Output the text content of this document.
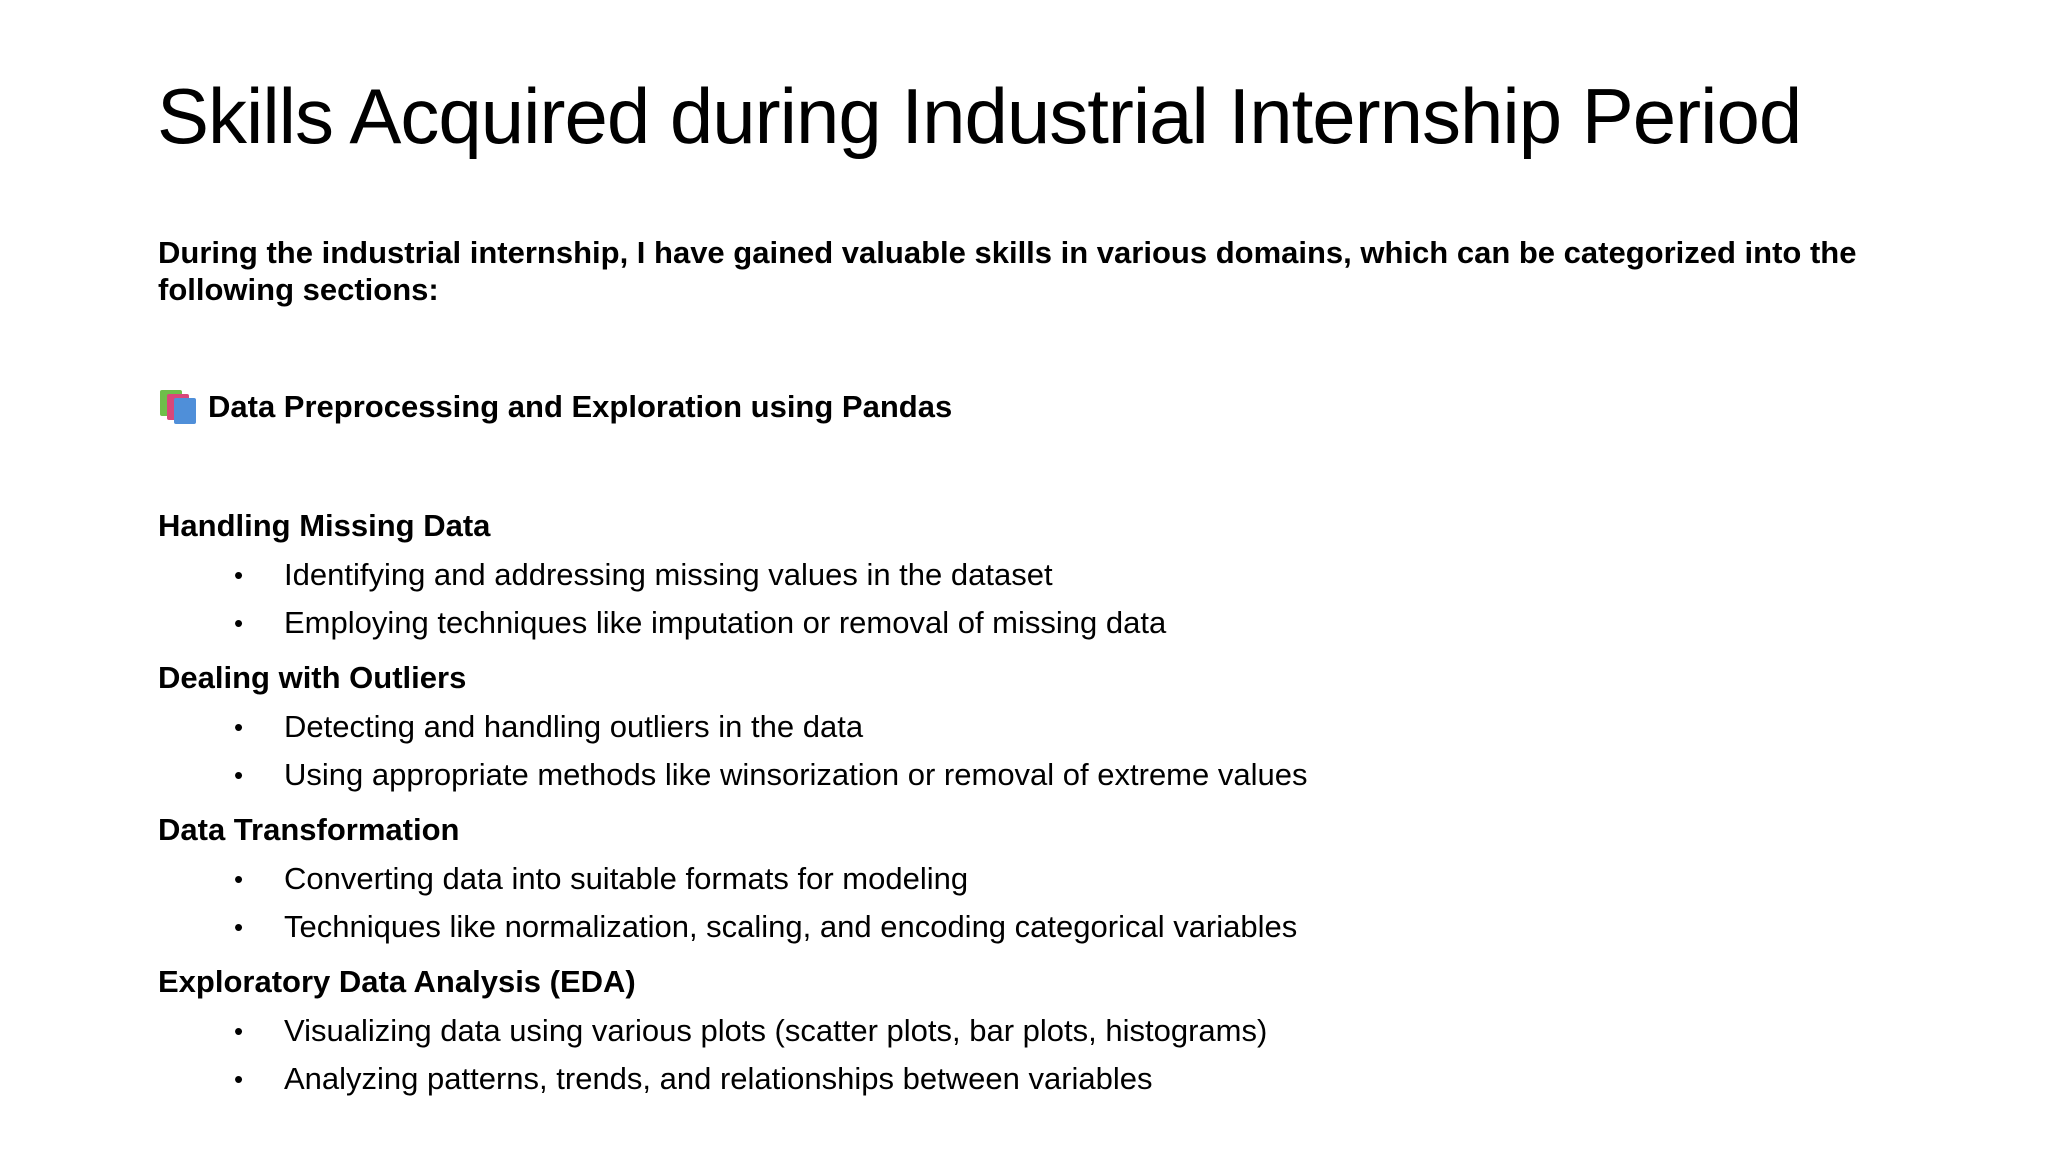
Skills Acquired during Industrial Internship Period
During the industrial internship, I have gained valuable skills in various domains, which can be categorized into the following sections:
Data Preprocessing and Exploration using Pandas
Handling Missing Data
• Identifying and addressing missing values in the dataset
• Employing techniques like imputation or removal of missing data
Dealing with Outliers
• Detecting and handling outliers in the data
• Using appropriate methods like winsorization or removal of extreme values
Data Transformation
• Converting data into suitable formats for modeling
• Techniques like normalization, scaling, and encoding categorical variables
Exploratory Data Analysis (EDA)
• Visualizing data using various plots (scatter plots, bar plots, histograms)
• Analyzing patterns, trends, and relationships between variables
